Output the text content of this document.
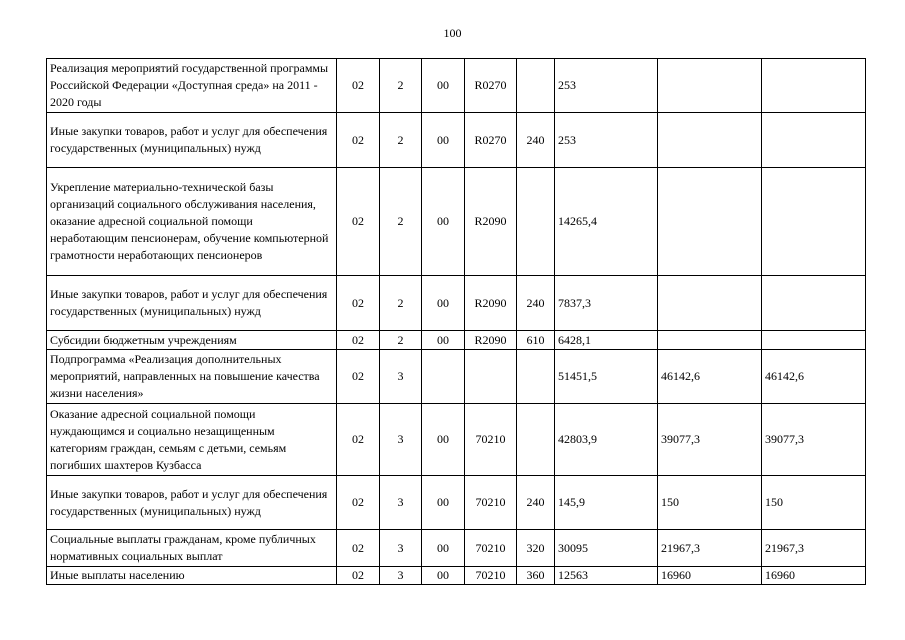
100
Реализация мероприятий государственной программы Российской Федерации «Доступная среда» на 2011 - 2020 годы	02	2	00	R0270		253		
Иные закупки товаров, работ и услуг для обеспечения государственных (муниципальных) нужд	02	2	00	R0270	240	253		
Укрепление материально-технической базы организаций социального обслуживания населения, оказание адресной социальной помощи неработающим пенсионерам, обучение компьютерной грамотности неработающих пенсионеров	02	2	00	R2090		14265,4		
Иные закупки товаров, работ и услуг для обеспечения государственных (муниципальных) нужд	02	2	00	R2090	240	7837,3		
Субсидии бюджетным учреждениям	02	2	00	R2090	610	6428,1		
Подпрограмма «Реализация дополнительных мероприятий, направленных на повышение качества жизни населения»	02	3				51451,5	46142,6	46142,6
Оказание адресной социальной помощи нуждающимся и социально незащищенным категориям граждан, семьям с детьми, семьям погибших шахтеров Кузбасса	02	3	00	70210		42803,9	39077,3	39077,3
Иные закупки товаров, работ и услуг для обеспечения государственных (муниципальных) нужд	02	3	00	70210	240	145,9	150	150
Социальные выплаты гражданам, кроме публичных нормативных социальных выплат	02	3	00	70210	320	30095	21967,3	21967,3
Иные выплаты населению	02	3	00	70210	360	12563	16960	16960
